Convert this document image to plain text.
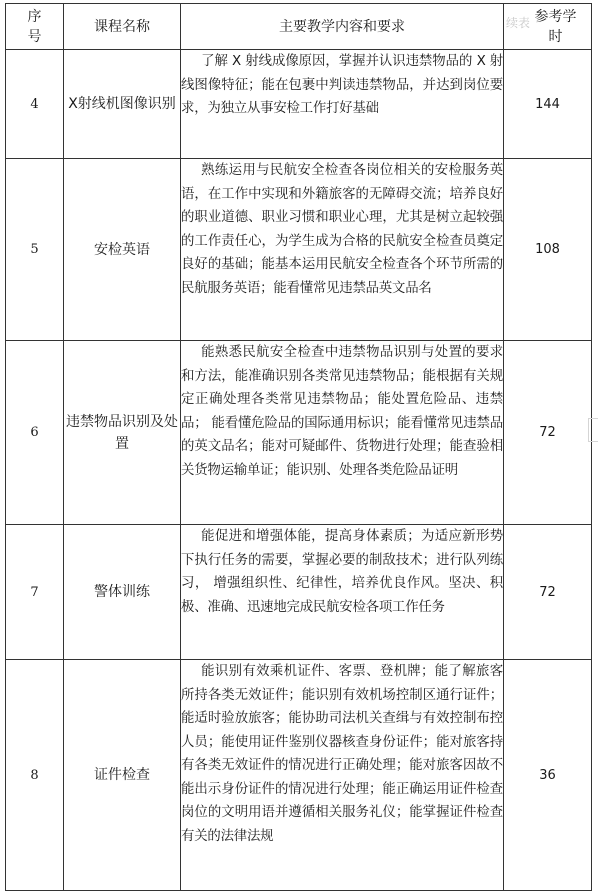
序号	课程名称	主要教学内容和要求	续表 参考学时
4	X射线机图像识别	了解 X 射线成像原因，掌握并认识违禁物品的 X 射线图像特征；能在包裹中判读违禁物品，并达到岗位要求，为独立从事安检工作打好基础	144
5	安检英语	熟练运用与民航安全检查各岗位相关的安检服务英语，在工作中实现和外籍旅客的无障碍交流；培养良好的职业道德、职业习惯和职业心理，尤其是树立起较强的工作责任心，为学生成为合格的民航安全检查员奠定良好的基础；能基本运用民航安全检查各个环节所需的民航服务英语；能看懂常见违禁品英文品名	108
6	违禁物品识别及处置	能熟悉民航安全检查中违禁物品识别与处置的要求和方法，能准确识别各类常见违禁物品；能根据有关规定正确处理各类常见违禁物品；能处置危险品、违禁品； 能看懂危险品的国际通用标识；能看懂常见违禁品的英文品名；能对可疑邮件、货物进行处理；能查验相关货物运输单证；能识别、处理各类危险品证明	72
7	警体训练	能促进和增强体能，提高身体素质；为适应新形势下执行任务的需要，掌握必要的制敌技术；进行队列练习， 增强组织性、纪律性，培养优良作风。坚决、积极、准确、迅速地完成民航安检各项工作任务	72
8	证件检查	能识别有效乘机证件、客票、登机牌；能了解旅客所持各类无效证件；能识别有效机场控制区通行证件；能适时验放旅客；能协助司法机关查缉与有效控制布控人员；能使用证件鉴别仪器核查身份证件；能对旅客持有各类无效证件的情况进行正确处理；能对旅客因故不能出示身份证件的情况进行处理；能正确运用证件检查岗位的文明用语并遵循相关服务礼仪；能掌握证件检查有关的法律法规	36
